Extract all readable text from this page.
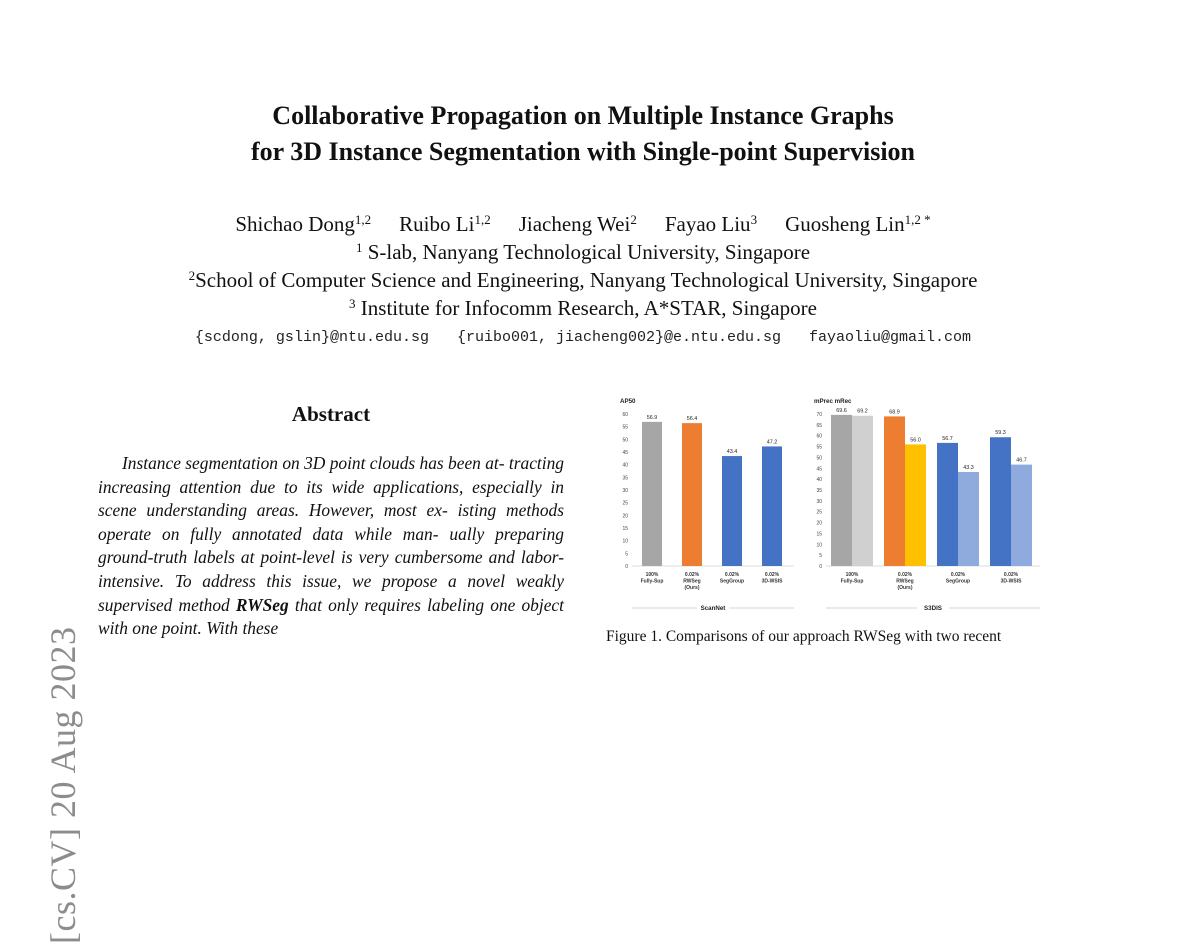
[cs.CV] 20 Aug 2023
Collaborative Propagation on Multiple Instance Graphs
for 3D Instance Segmentation with Single-point Supervision
Shichao Dong$^{1,2}$ Ruibo Li$^{1,2}$ Jiacheng Wei$^2$ Fayao Liu$^3$ Guosheng Lin$^{1,2 *}$
$^1$ S-lab, Nanyang Technological University, Singapore
$^2$School of Computer Science and Engineering, Nanyang Technological University, Singapore
$^3$ Institute for Infocomm Research, A*STAR, Singapore
{scdong, gslin}@ntu.edu.sg {ruibo001, jiacheng002}@e.ntu.edu.sg fayaoliu@gmail.com
Abstract

Instance segmentation on 3D point clouds has been at- tracting increasing attention due to its wide applications, especially in scene understanding areas. However, most ex- isting methods operate on fully annotated data while man- ually preparing ground-truth labels at point-level is very cumbersome and labor-intensive. To address this issue, we propose a novel weakly supervised method RWSeg that only requires labeling one object with one point. With these

AP50
0
5
10
15
20
25
30
35
40
45
50
55
60	56.9
100%
Fully-Sup
56.4
0.02%
RWSeg
(Ours)
43.4
0.02%
SegGroup
47.2
0.02%
3D-WSIS
ScanNet
mPrec mRec
0
5
10
15
20
25
30
35
40
45
50
55
60
65
70
69.6 69.2
100%
Fully-Sup
68.9
56.0
0.02%
RWSeg
(Ours)
56.7
43.3
0.02%
SegGroup
59.3
46.7
0.02%
3D-WSIS
S3DIS
Figure 1. Comparisons of our approach RWSeg with two recent
